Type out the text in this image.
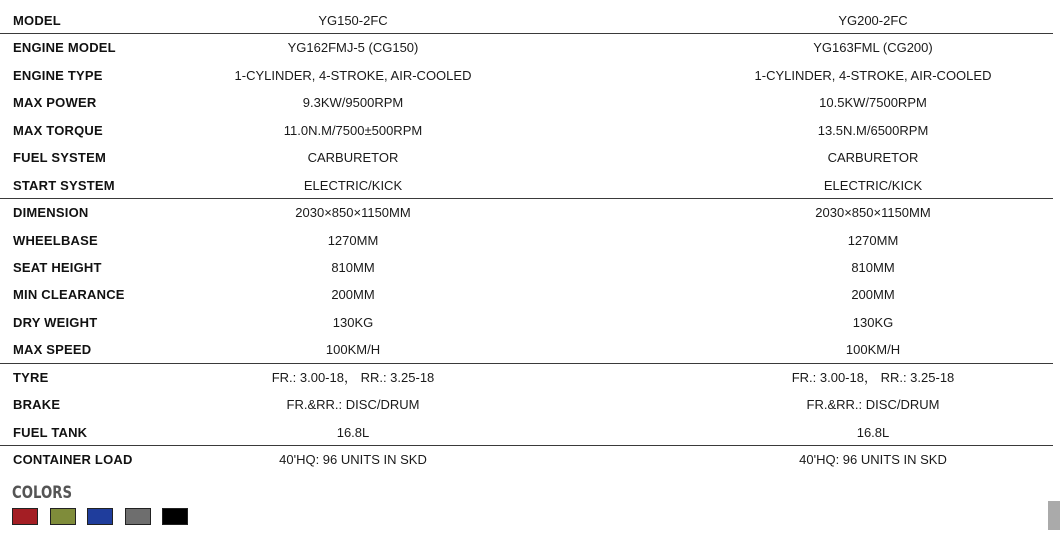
MODEL	YG150-2FC	YG200-2FC
ENGINE MODEL	YG162FMJ-5 (CG150)	YG163FML (CG200)
ENGINE TYPE	1-CYLINDER, 4-STROKE, AIR-COOLED	1-CYLINDER, 4-STROKE, AIR-COOLED
MAX POWER	9.3KW/9500RPM	10.5KW/7500RPM
MAX TORQUE	11.0N.M/7500±500RPM	13.5N.M/6500RPM
FUEL SYSTEM	CARBURETOR	CARBURETOR
START SYSTEM	ELECTRIC/KICK	ELECTRIC/KICK
DIMENSION	2030×850×1150MM	2030×850×1150MM
WHEELBASE	1270MM	1270MM
SEAT HEIGHT	810MM	810MM
MIN CLEARANCE	200MM	200MM
DRY WEIGHT	130KG	130KG
MAX SPEED	100KM/H	100KM/H
TYRE	FR.: 3.00-18， RR.: 3.25-18	FR.: 3.00-18， RR.: 3.25-18
BRAKE	FR.&RR.: DISC/DRUM	FR.&RR.: DISC/DRUM
FUEL TANK	16.8L	16.8L
CONTAINER LOAD	40'HQ: 96 UNITS IN SKD	40'HQ: 96 UNITS IN SKD
COLORS
